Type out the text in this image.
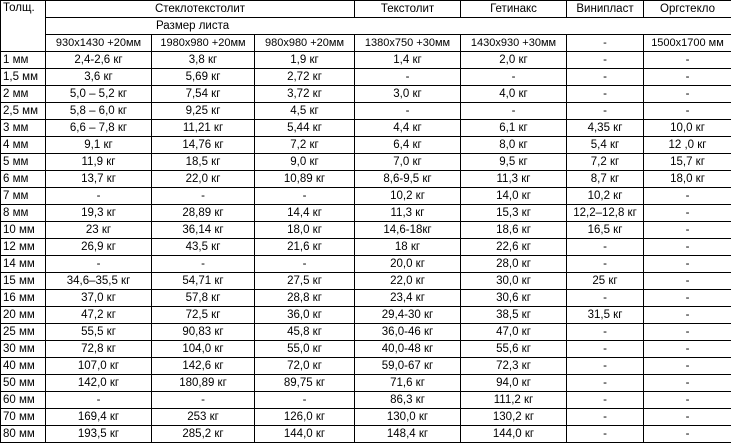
Толщ.	Стеклотекстолит			Текстолит	Гетинакс	Винипласт	Оргстекло
	Размер листа						
	930x1430 +20мм	1980x980 +20мм	980x980 +20мм	1380x750 +30мм	1430x930 +30мм	-	1500x1700 мм
1 мм	2,4-2,6 кг	3,8 кг	1,9 кг	1,4 кг	2,0 кг	-	-
1,5 мм	3,6 кг	5,69 кг	2,72 кг	-	-	-	-
2 мм	5,0 – 5,2 кг	7,54 кг	3,72 кг	3,0 кг	4,0 кг	-	-
2,5 мм	5,8 – 6,0 кг	9,25 кг	4,5 кг	-	-	-	-
3 мм	6,6 – 7,8 кг	11,21 кг	5,44 кг	4,4 кг	6,1 кг	4,35 кг	10,0 кг
4 мм	9,1 кг	14,76 кг	7,2 кг	6,4 кг	8,0 кг	5,4 кг	12 ,0 кг
5 мм	11,9 кг	18,5 кг	9,0 кг	7,0 кг	9,5 кг	7,2 кг	15,7 кг
6 мм	13,7 кг	22,0 кг	10,89 кг	8,6-9,5 кг	11,3 кг	8,7 кг	18,0 кг
7 мм	-	-	-	10,2 кг	14,0 кг	10,2 кг	-
8 мм	19,3 кг	28,89 кг	14,4 кг	11,3 кг	15,3 кг	12,2–12,8 кг	-
10 мм	23 кг	36,14 кг	18,0 кг	14,6-18кг	18,6 кг	16,5 кг	-
12 мм	26,9 кг	43,5 кг	21,6 кг	18 кг	22,6 кг	-	-
14 мм	-	-	-	20,0 кг	28,0 кг	-	-
15 мм	34,6–35,5 кг	54,71 кг	27,5 кг	22,0 кг	30,0 кг	25 кг	-
16 мм	37,0 кг	57,8 кг	28,8 кг	23,4 кг	30,6 кг	-	-
20 мм	47,2 кг	72,5 кг	36,0 кг	29,4-30 кг	38,5 кг	31,5 кг	-
25 мм	55,5 кг	90,83 кг	45,8 кг	36,0-46 кг	47,0 кг	-	-
30 мм	72,8 кг	104,0 кг	55,0 кг	40,0-48 кг	55,6 кг	-	-
40 мм	107,0 кг	142,6 кг	72,0 кг	59,0-67 кг	72,3 кг	-	-
50 мм	142,0 кг	180,89 кг	89,75 кг	71,6 кг	94,0 кг	-	-
60 мм	-	-	-	86,3 кг	111,2 кг	-	-
70 мм	169,4 кг	253 кг	126,0 кг	130,0 кг	130,2 кг	-	-
80 мм	193,5 кг	285,2 кг	144,0 кг	148,4 кг	144,0 кг	-	-
